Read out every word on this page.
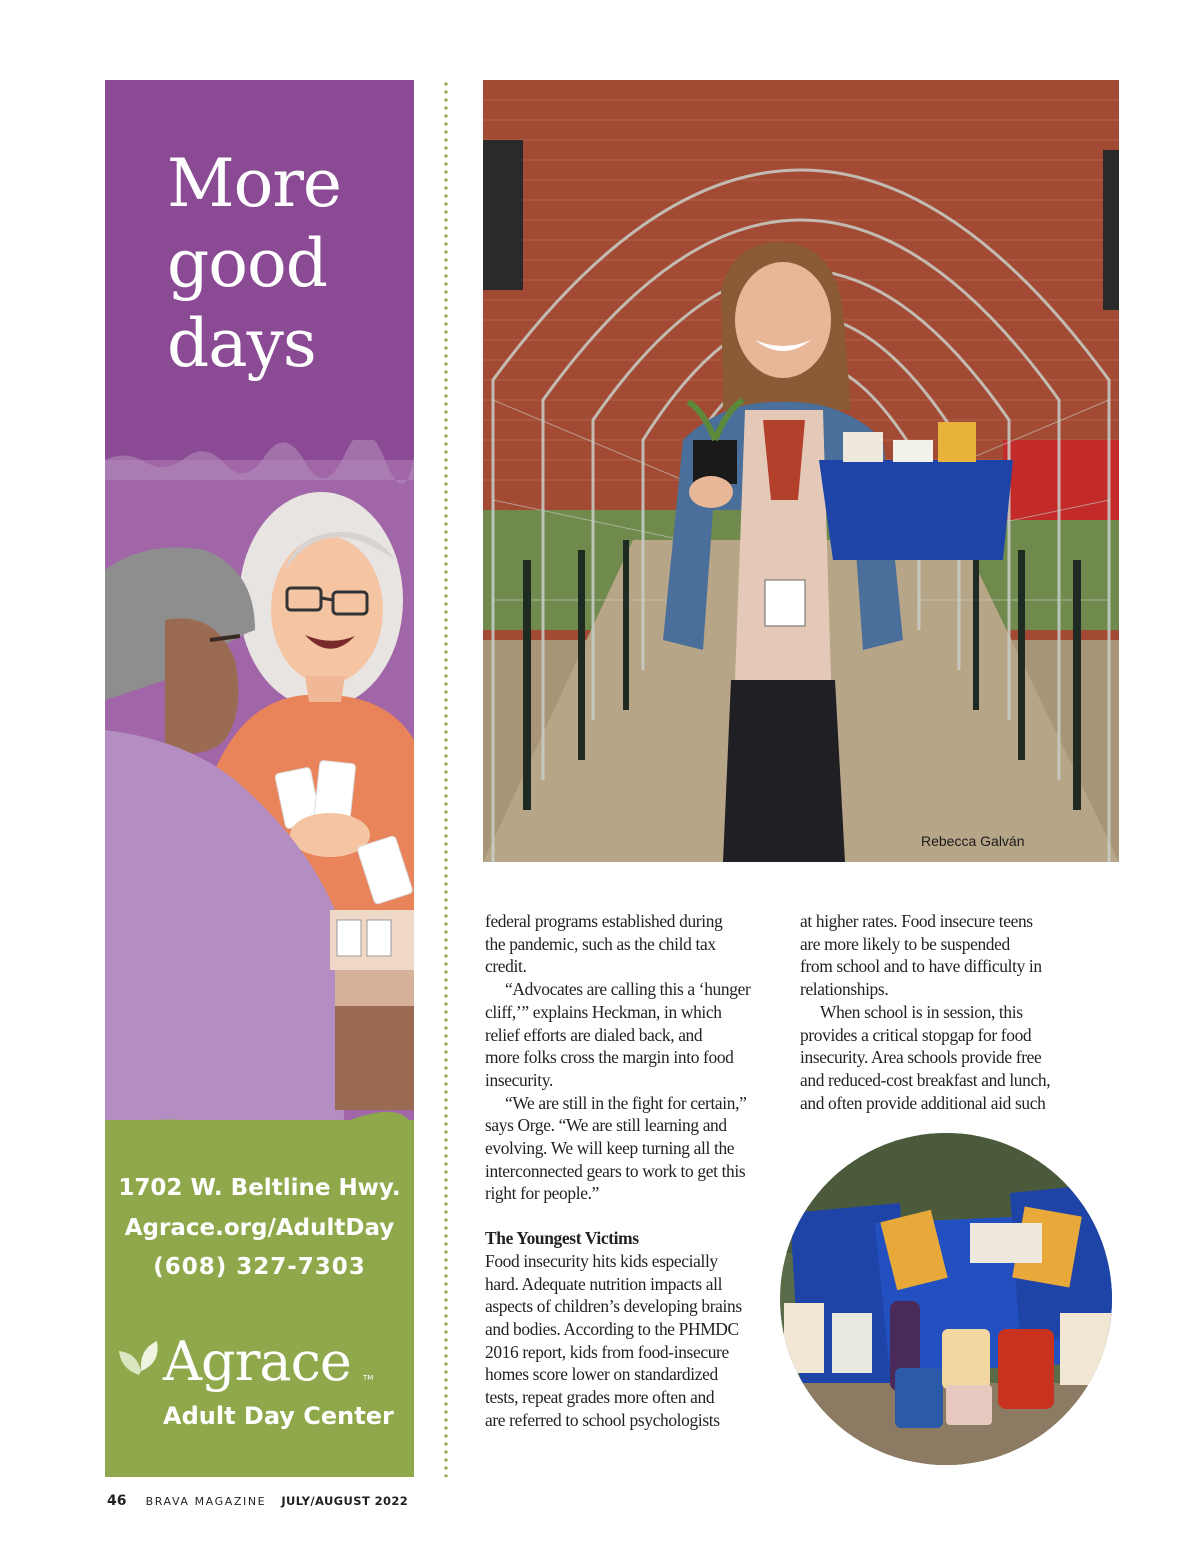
More
good
days
1702 W. Beltline Hwy.
Agrace.org/AdultDay
(608) 327-7303
Agrace TM
Adult Day Center
Rebecca Galván
federal programs established during
the pandemic, such as the child tax
credit.
“Advocates are calling this a ‘hunger
cliff,’” explains Heckman, in which
relief efforts are dialed back, and
more folks cross the margin into food
insecurity.
“We are still in the fight for certain,”
says Orge. “We are still learning and
evolving. We will keep turning all the
interconnected gears to work to get this
right for people.”
The Youngest Victims
Food insecurity hits kids especially
hard. Adequate nutrition impacts all
aspects of children’s developing brains
and bodies. According to the PHMDC
2016 report, kids from food-insecure
homes score lower on standardized
tests, repeat grades more often and
are referred to school psychologists
at higher rates. Food insecure teens
are more likely to be suspended
from school and to have difficulty in
relationships.
When school is in session, this
provides a critical stopgap for food
insecurity. Area schools provide free
and reduced-cost breakfast and lunch,
and often provide additional aid such
46 BRAVA MAGAZINE JULY/AUGUST 2022
